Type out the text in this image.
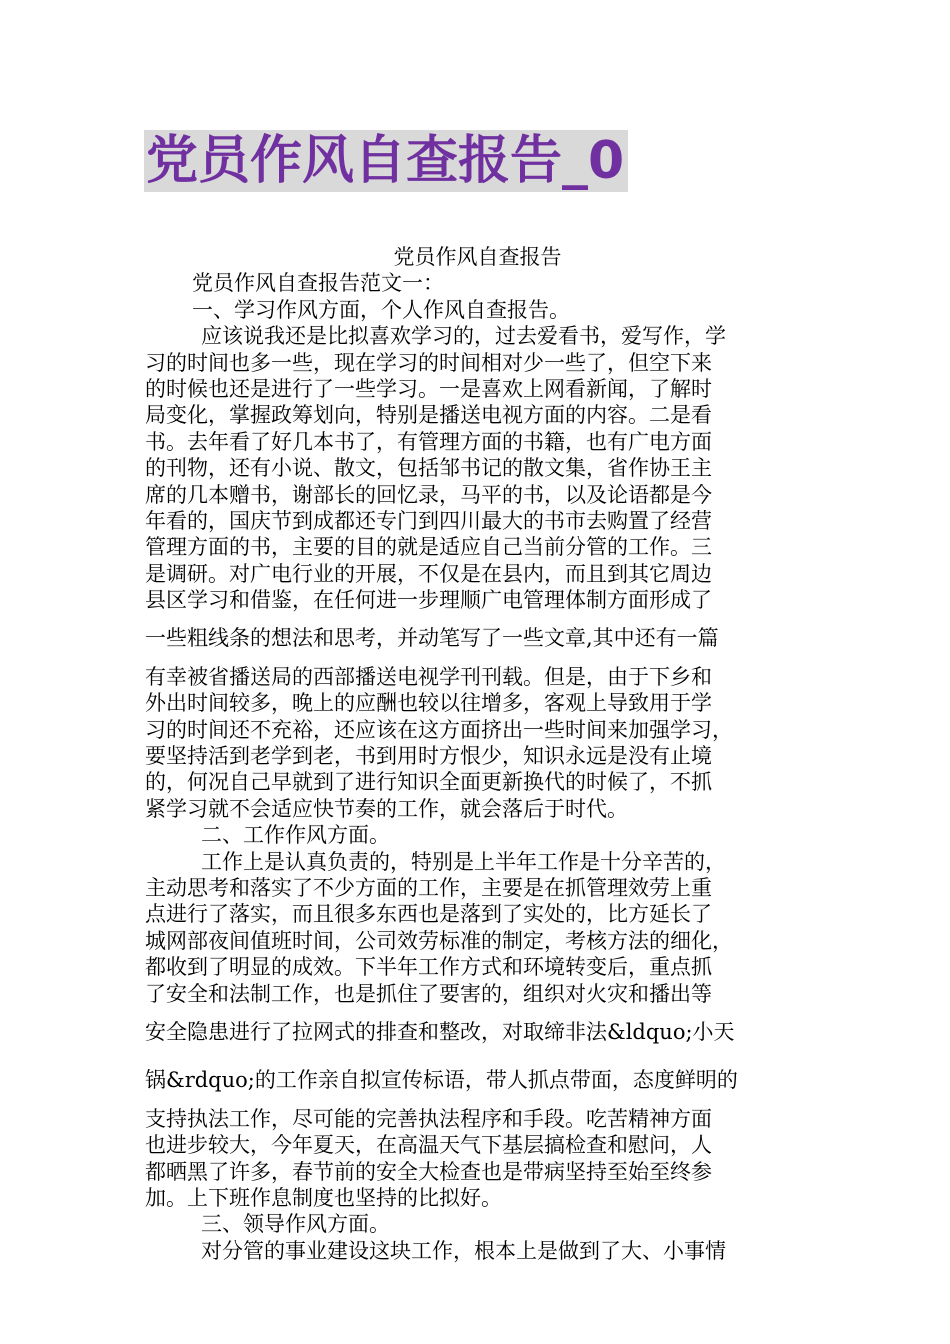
党员作风自查报告_0
党员作风自查报告
党员作风自查报告范文一：
一、学习作风方面，个人作风自查报告。
应该说我还是比拟喜欢学习的，过去爱看书，爱写作，学
习的时间也多一些，现在学习的时间相对少一些了，但空下来
的时候也还是进行了一些学习。一是喜欢上网看新闻，了解时
局变化，掌握政筹划向，特别是播送电视方面的内容。二是看
书。去年看了好几本书了，有管理方面的书籍，也有广电方面
的刊物，还有小说、散文，包括邹书记的散文集，省作协王主
席的几本赠书，谢部长的回忆录，马平的书，以及论语都是今
年看的，国庆节到成都还专门到四川最大的书市去购置了经营
管理方面的书，主要的目的就是适应自己当前分管的工作。三
是调研。对广电行业的开展，不仅是在县内，而且到其它周边
县区学习和借鉴，在任何进一步理顺广电管理体制方面形成了
一些粗线条的想法和思考，并动笔写了一些文章,其中还有一篇
有幸被省播送局的西部播送电视学刊刊载。但是，由于下乡和
外出时间较多，晚上的应酬也较以往增多，客观上导致用于学
习的时间还不充裕，还应该在这方面挤出一些时间来加强学习，
要坚持活到老学到老，书到用时方恨少，知识永远是没有止境
的，何况自己早就到了进行知识全面更新换代的时候了，不抓
紧学习就不会适应快节奏的工作，就会落后于时代。
二、工作作风方面。
工作上是认真负责的，特别是上半年工作是十分辛苦的，
主动思考和落实了不少方面的工作，主要是在抓管理效劳上重
点进行了落实，而且很多东西也是落到了实处的，比方延长了
城网部夜间值班时间，公司效劳标准的制定，考核方法的细化，
都收到了明显的成效。下半年工作方式和环境转变后，重点抓
了安全和法制工作，也是抓住了要害的，组织对火灾和播出等
安全隐患进行了拉网式的排查和整改，对取缔非法&ldquo;小天
锅&rdquo;的工作亲自拟宣传标语，带人抓点带面，态度鲜明的
支持执法工作，尽可能的完善执法程序和手段。吃苦精神方面
也进步较大，今年夏天，在高温天气下基层搞检查和慰问，人
都晒黑了许多，春节前的安全大检查也是带病坚持至始至终参
加。上下班作息制度也坚持的比拟好。
三、领导作风方面。
对分管的事业建设这块工作，根本上是做到了大、小事情
